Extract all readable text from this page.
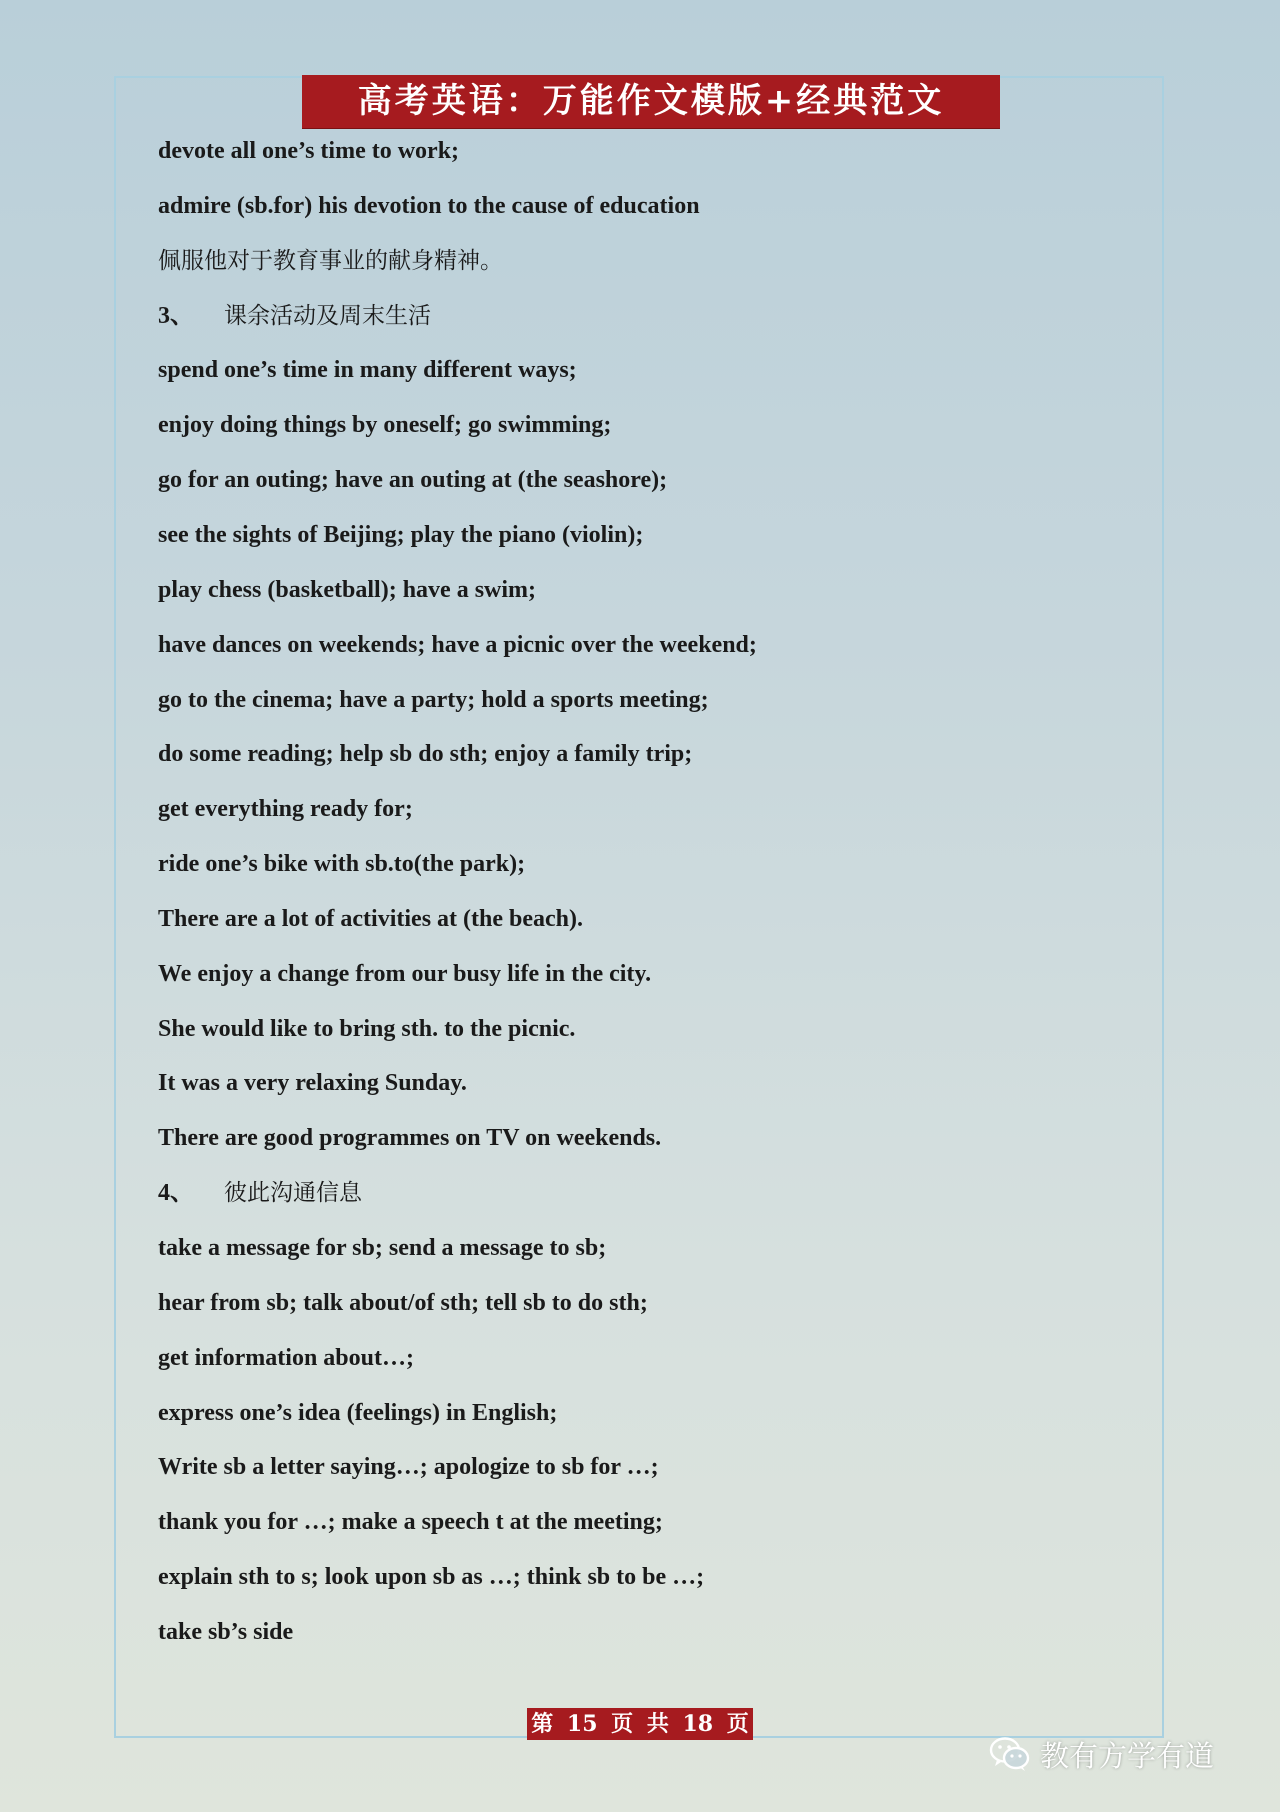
高考英语：万能作文模版+经典范文
devote all one’s time to work;
admire (sb.for) his devotion to the cause of education
佩服他对于教育事业的献身精神。
3、 课余活动及周末生活
spend one’s time in many different ways;
enjoy doing things by oneself; go swimming;
go for an outing; have an outing at (the seashore);
see the sights of Beijing; play the piano (violin);
play chess (basketball); have a swim;
have dances on weekends; have a picnic over the weekend;
go to the cinema; have a party; hold a sports meeting;
do some reading; help sb do sth; enjoy a family trip;
get everything ready for;
ride one’s bike with sb.to(the park);
There are a lot of activities at (the beach).
We enjoy a change from our busy life in the city.
She would like to bring sth. to the picnic.
It was a very relaxing Sunday.
There are good programmes on TV on weekends.
4、 彼此沟通信息
take a message for sb; send a message to sb;
hear from sb; talk about/of sth; tell sb to do sth;
get information about…;
express one’s idea (feelings) in English;
Write sb a letter saying…; apologize to sb for …;
thank you for …; make a speech t at the meeting;
explain sth to s; look upon sb as …; think sb to be …;
take sb’s side
第 15 页 共 18 页
教有方学有道
